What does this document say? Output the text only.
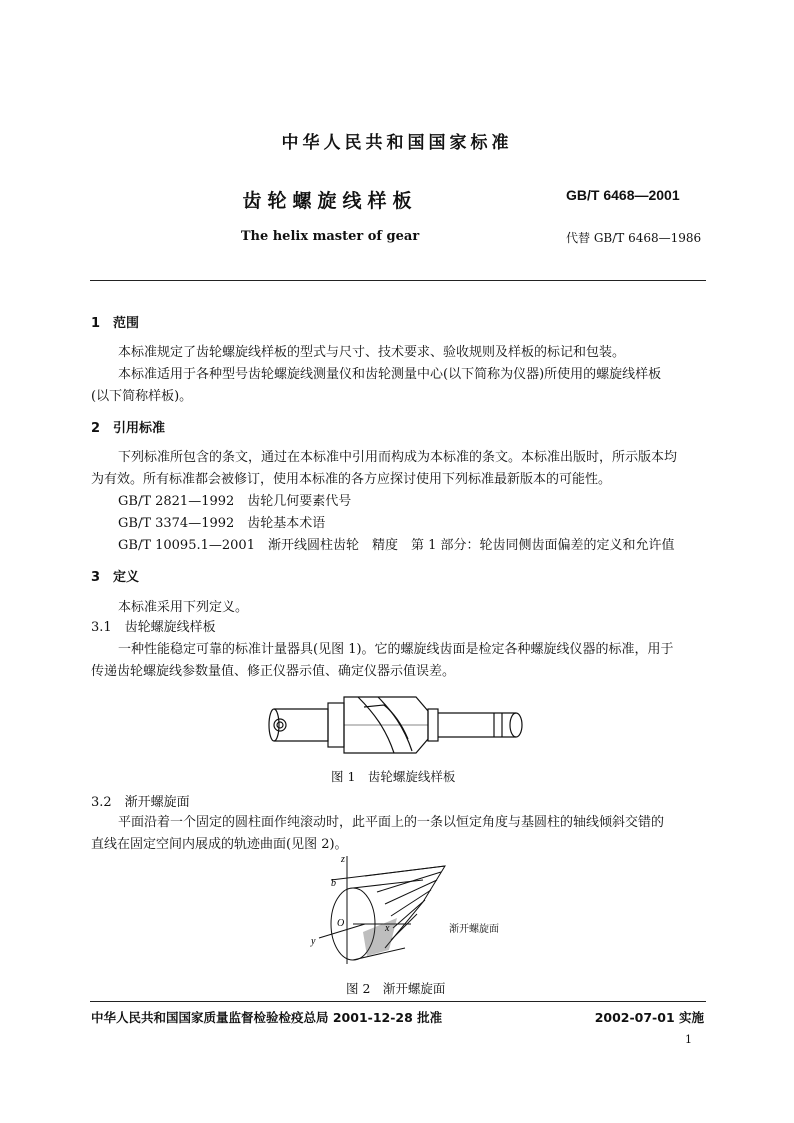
中华人民共和国国家标准
齿轮螺旋线样板
The helix master of gear
GB/T 6468—2001
代替 GB/T 6468—1986
1　范围
本标准规定了齿轮螺旋线样板的型式与尺寸、技术要求、验收规则及样板的标记和包装。
本标准适用于各种型号齿轮螺旋线测量仪和齿轮测量中心(以下简称为仪器)所使用的螺旋线样板
(以下简称样板)。
2　引用标准
下列标准所包含的条文，通过在本标准中引用而构成为本标准的条文。本标准出版时，所示版本均
为有效。所有标准都会被修订，使用本标准的各方应探讨使用下列标准最新版本的可能性。
GB/T 2821—1992　齿轮几何要素代号
GB/T 3374—1992　齿轮基本术语
GB/T 10095.1—2001　渐开线圆柱齿轮　精度　第 1 部分：轮齿同侧齿面偏差的定义和允许值
3　定义
本标准采用下列定义。
3.1　齿轮螺旋线样板
一种性能稳定可靠的标准计量器具(见图 1)。它的螺旋线齿面是检定各种螺旋线仪器的标准，用于
传递齿轮螺旋线参数量值、修正仪器示值、确定仪器示值误差。
图 1　齿轮螺旋线样板
3.2　渐开螺旋面
平面沿着一个固定的圆柱面作纯滚动时，此平面上的一条以恒定角度与基圆柱的轴线倾斜交错的
直线在固定空间内展成的轨迹曲面(见图 2)。
z
b
O	x
y
渐开螺旋面
图 2　渐开螺旋面
中华人民共和国国家质量监督检验检疫总局 2001-12-28 批准	2002-07-01 实施
1
